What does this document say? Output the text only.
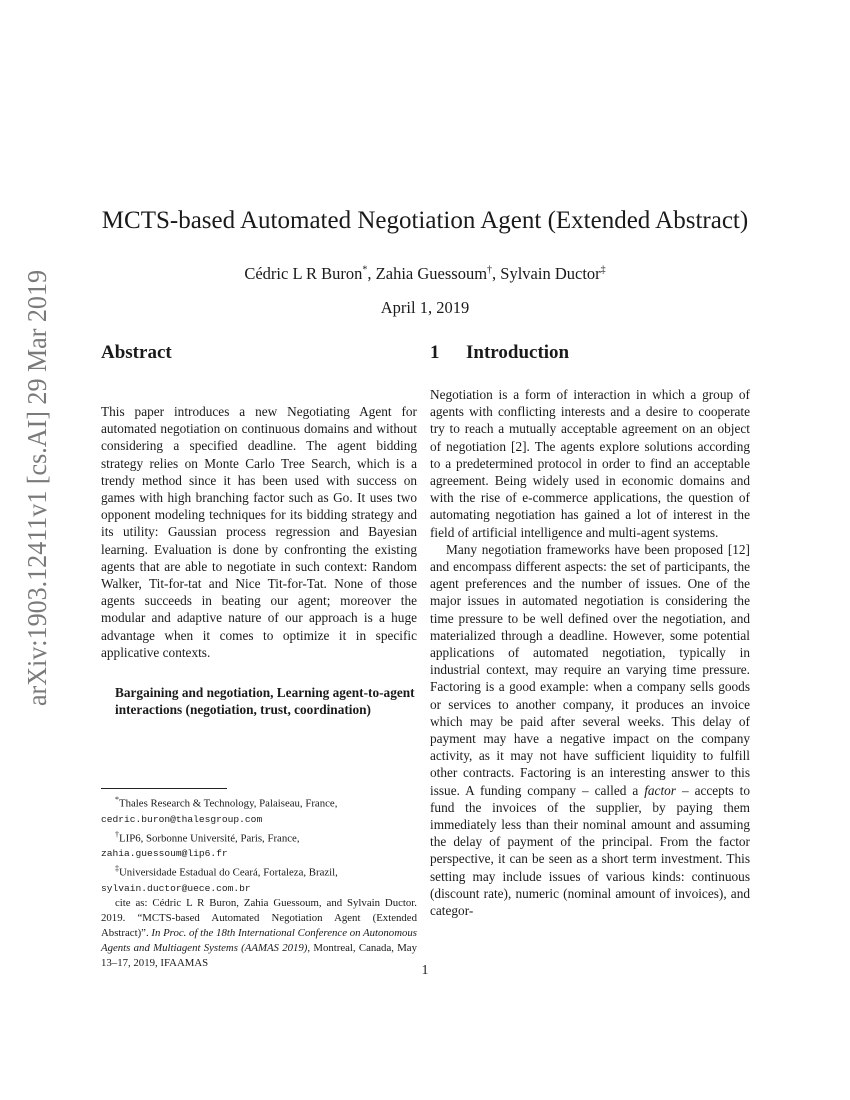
arXiv:1903.12411v1 [cs.AI] 29 Mar 2019
MCTS-based Automated Negotiation Agent (Extended Abstract)
Cédric L R Buron*, Zahia Guessoum†, Sylvain Ductor‡
April 1, 2019
Abstract
This paper introduces a new Negotiating Agent for automated negotiation on continuous domains and without considering a specified deadline. The agent bidding strategy relies on Monte Carlo Tree Search, which is a trendy method since it has been used with success on games with high branching factor such as Go. It uses two opponent modeling techniques for its bidding strategy and its utility: Gaussian process regression and Bayesian learning. Evaluation is done by confronting the existing agents that are able to negotiate in such context: Random Walker, Tit-for-tat and Nice Tit-for-Tat. None of those agents succeeds in beating our agent; moreover the modular and adaptive nature of our approach is a huge advantage when it comes to optimize it in specific applicative contexts.
Bargaining and negotiation, Learning agent-to-agent interactions (negotiation, trust, coordination)
*Thales Research & Technology, Palaiseau, France,
cedric.buron@thalesgroup.com
†LIP6, Sorbonne Université, Paris, France,
zahia.guessoum@lip6.fr
‡Universidade Estadual do Ceará, Fortaleza, Brazil,
sylvain.ductor@uece.com.br
cite as: Cédric L R Buron, Zahia Guessoum, and Sylvain Ductor. 2019. “MCTS-based Automated Negotiation Agent (Extended Abstract)”. In Proc. of the 18th International Conference on Autonomous Agents and Multiagent Systems (AAMAS 2019), Montreal, Canada, May 13–17, 2019, IFAAMAS
1 Introduction

Negotiation is a form of interaction in which a group of agents with conflicting interests and a desire to cooperate try to reach a mutually acceptable agreement on an object of negotiation [2]. The agents explore solutions according to a predetermined protocol in order to find an acceptable agreement. Being widely used in economic domains and with the rise of e-commerce applications, the question of automating negotiation has gained a lot of interest in the field of artificial intelligence and multi-agent systems.

Many negotiation frameworks have been proposed [12] and encompass different aspects: the set of participants, the agent preferences and the number of issues. One of the major issues in automated negotiation is considering the time pressure to be well defined over the negotiation, and materialized through a deadline. However, some potential applications of automated negotiation, typically in industrial context, may require an varying time pressure. Factoring is a good example: when a company sells goods or services to another company, it produces an invoice which may be paid after several weeks. This delay of payment may have a negative impact on the company activity, as it may not have sufficient liquidity to fulfill other contracts. Factoring is an interesting answer to this issue. A funding company – called a factor – accepts to fund the invoices of the supplier, by paying them immediately less than their nominal amount and assuming the delay of payment of the principal. From the factor perspective, it can be seen as a short term investment. This setting may include issues of various kinds: continuous (discount rate), numeric (nominal amount of invoices), and categor-

1
